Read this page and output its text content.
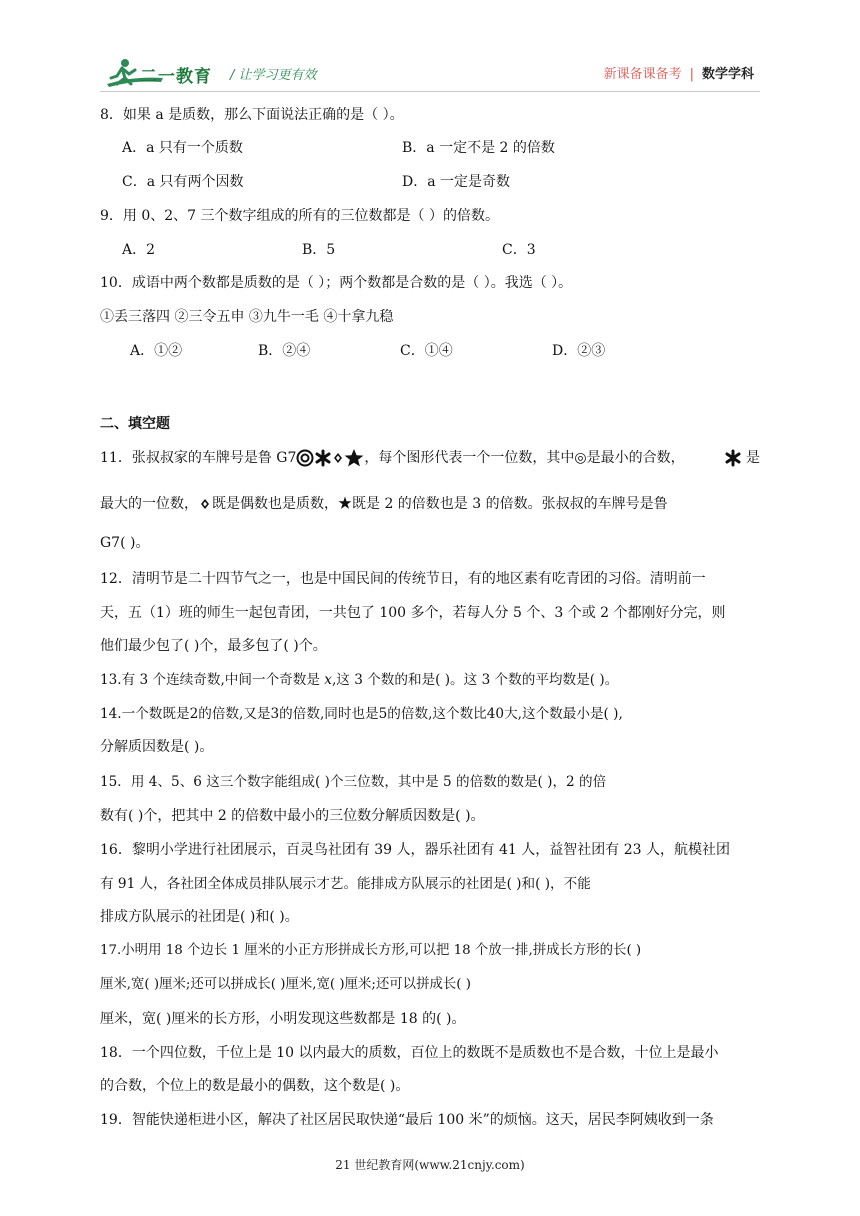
二一教育 / 让学习更有效	新课备课备考 | 数学学科
8．如果 a 是质数，那么下面说法正确的是（ ）。
A．a 只有一个质数	B．a 一定不是 2 的倍数
C．a 只有两个因数	D．a 一定是奇数
9．用 0、2、7 三个数字组成的所有的三位数都是（ ）的倍数。
A．2	B．5	C．3
10．成语中两个数都是质数的是（ ）；两个数都是合数的是（ ）。我选（ ）。
①丢三落四 ②三令五申 ③九牛一毛 ④十拿九稳
A．①②	B．②④	C．①④	D．②③
二、填空题
11．张叔叔家的车牌号是鲁 G7	，每个图形代表一个一位数，其中◎是最小的合数，	是
最大的一位数， 既是偶数也是质数，★既是 2 的倍数也是 3 的倍数。张叔叔的车牌号是鲁
G7( )。
12．清明节是二十四节气之一，也是中国民间的传统节日，有的地区素有吃青团的习俗。清明前一
天，五（1）班的师生一起包青团，一共包了 100 多个，若每人分 5 个、3 个或 2 个都刚好分完，则
他们最少包了( )个，最多包了( )个。
13.有 3 个连续奇数,中间一个奇数是 x,这 3 个数的和是( )。这 3 个数的平均数是( )。
14.一个数既是2的倍数,又是3的倍数,同时也是5的倍数,这个数比40大,这个数最小是( ),
分解质因数是( )。
15．用 4、5、6 这三个数字能组成( )个三位数，其中是 5 的倍数的数是( )，2 的倍
数有( )个，把其中 2 的倍数中最小的三位数分解质因数是( )。
16．黎明小学进行社团展示，百灵鸟社团有 39 人，器乐社团有 41 人，益智社团有 23 人，航模社团
有 91 人，各社团全体成员排队展示才艺。能排成方队展示的社团是( )和( )，不能
排成方队展示的社团是( )和( )。
17.小明用 18 个边长 1 厘米的小正方形拼成长方形,可以把 18 个放一排,拼成长方形的长( )
厘米,宽( )厘米;还可以拼成长( )厘米,宽( )厘米;还可以拼成长( )
厘米，宽( )厘米的长方形，小明发现这些数都是 18 的( )。
18．一个四位数，千位上是 10 以内最大的质数，百位上的数既不是质数也不是合数，十位上是最小
的合数，个位上的数是最小的偶数，这个数是( )。
19．智能快递柜进小区，解决了社区居民取快递“最后 100 米”的烦恼。这天，居民李阿姨收到一条
21 世纪教育网(www.21cnjy.com)
